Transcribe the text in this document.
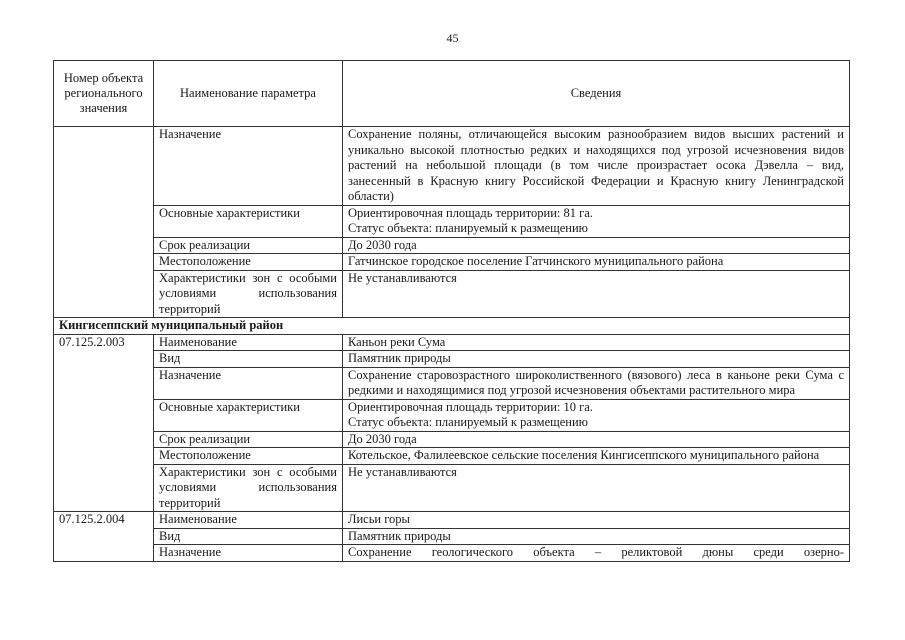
45
Номер объекта регионального значения	Наименование параметра	Сведения
	Назначение	Сохранение поляны, отличающейся высоким разнообразием видов высших растений и уникально высокой плотностью редких и находящихся под угрозой исчезновения видов растений на небольшой площади (в том числе произрастает осока Дэвелла – вид, занесенный в Красную книгу Российской Федерации и Красную книгу Ленинградской области)
	Основные характеристики	Ориентировочная площадь территории: 81 га.
Статус объекта: планируемый к размещению

	Срок реализации	До 2030 года
	Местоположение	Гатчинское городское поселение Гатчинского муниципального района
	Характеристики зон с особыми условиями использования территорий	Не устанавливаются
Кингисеппский муниципальный район		
07.125.2.003	Наименование	Каньон реки Сума
	Вид	Памятник природы
	Назначение	Сохранение старовозрастного широколиственного (вязового) леса в каньоне реки Сума с редкими и находящимися под угрозой исчезновения объектами растительного мира
	Основные характеристики	Ориентировочная площадь территории: 10 га.
Статус объекта: планируемый к размещению

	Срок реализации	До 2030 года
	Местоположение	Котельское, Фалилеевское сельские поселения Кингисеппского муниципального района
	Характеристики зон с особыми условиями использования территорий	Не устанавливаются
07.125.2.004	Наименование	Лисьи горы
	Вид	Памятник природы
	Назначение	Сохранение геологического объекта – реликтовой дюны среди озерно-
